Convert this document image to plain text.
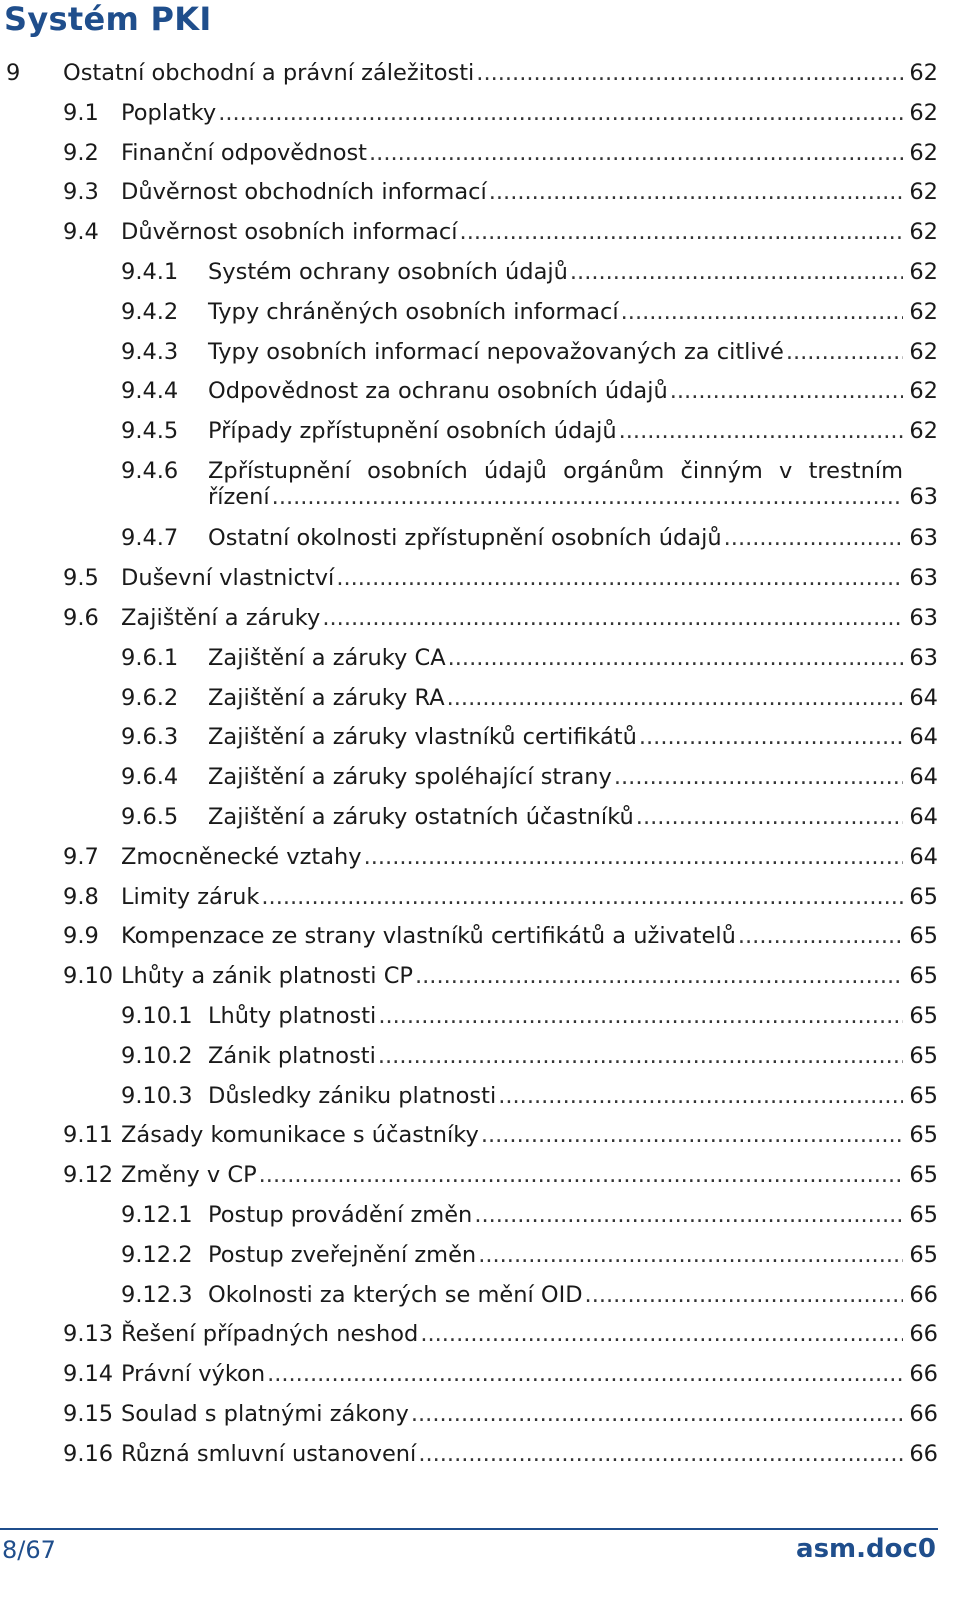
Systém PKI
9 Ostatní obchodní a právní záležitosti .....	62
9.1 Poplatky .....	62
9.2 Finanční odpovědnost .....	62
9.3 Důvěrnost obchodních informací .....	62
9.4 Důvěrnost osobních informací .....	62
9.4.1 Systém ochrany osobních údajů .....	62
9.4.2 Typy chráněných osobních informací .....	62
9.4.3 Typy osobních informací nepovažovaných za citlivé .....	62
9.4.4 Odpovědnost za ochranu osobních údajů .....	62
9.4.5 Případy zpřístupnění osobních údajů .....	62
9.4.6 Zpřístupnění osobních údajů orgánům činným v trestním
řízení .....	63
9.4.7 Ostatní okolnosti zpřístupnění osobních údajů .....	63
9.5 Duševní vlastnictví .....	63
9.6 Zajištění a záruky .....	63
9.6.1 Zajištění a záruky CA .....	63
9.6.2 Zajištění a záruky RA .....	64
9.6.3 Zajištění a záruky vlastníků certifikátů .....	64
9.6.4 Zajištění a záruky spoléhající strany .....	64
9.6.5 Zajištění a záruky ostatních účastníků .....	64
9.7 Zmocněnecké vztahy .....	64
9.8 Limity záruk .....	65
9.9 Kompenzace ze strany vlastníků certifikátů a uživatelů .....	65
9.10 Lhůty a zánik platnosti CP .....	65
9.10.1 Lhůty platnosti .....	65
9.10.2 Zánik platnosti .....	65
9.10.3 Důsledky zániku platnosti .....	65
9.11 Zásady komunikace s účastníky .....	65
9.12 Změny v CP .....	65
9.12.1 Postup provádění změn .....	65
9.12.2 Postup zveřejnění změn .....	65
9.12.3 Okolnosti za kterých se mění OID .....	66
9.13 Řešení případných neshod .....	66
9.14 Právní výkon .....	66
9.15 Soulad s platnými zákony .....	66
9.16 Různá smluvní ustanovení .....	66
8/67	asm.doc0
